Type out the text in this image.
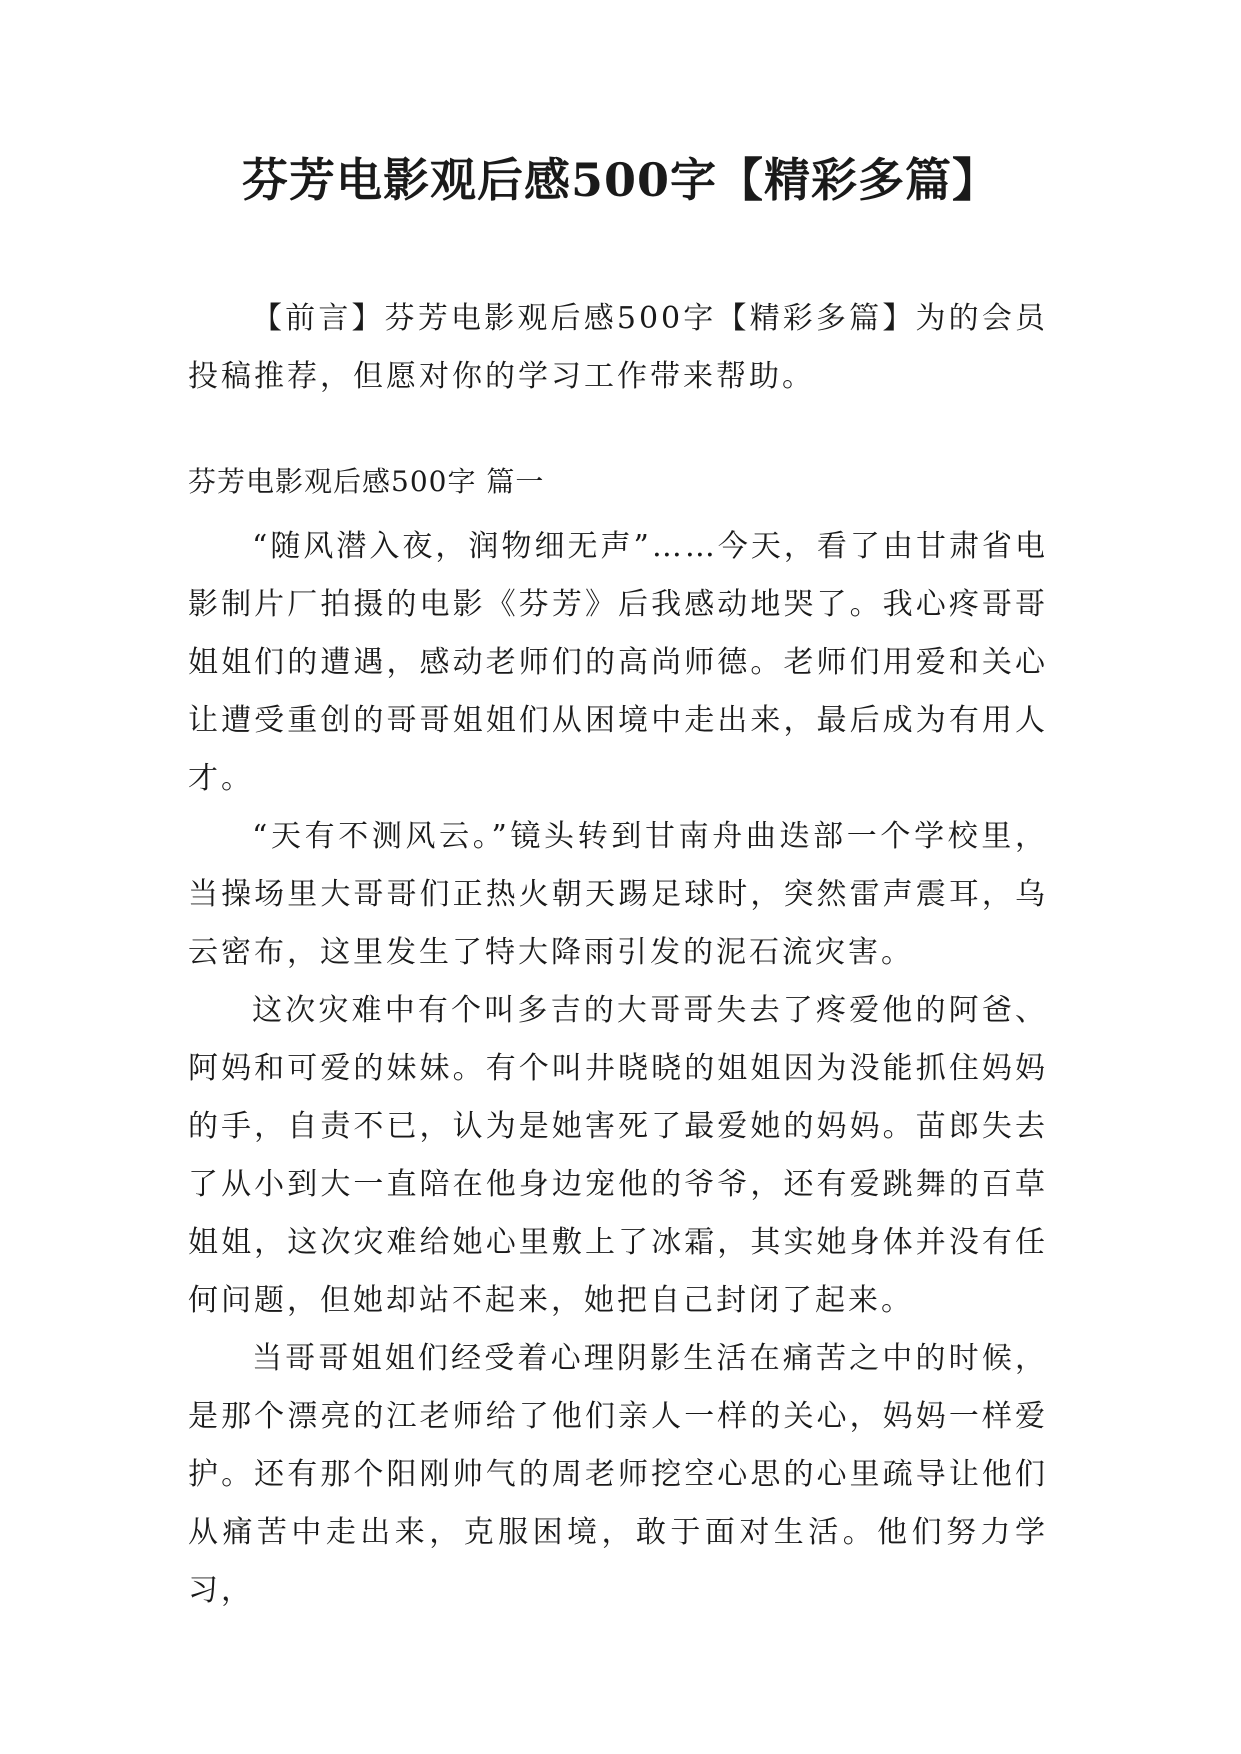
芬芳电影观后感500字【精彩多篇】

【前言】芬芳电影观后感500字【精彩多篇】为的会员投稿推荐，但愿对你的学习工作带来帮助。

芬芳电影观后感500字 篇一

“随风潜入夜，润物细无声”……今天，看了由甘肃省电影制片厂拍摄的电影《芬芳》后我感动地哭了。我心疼哥哥姐姐们的遭遇，感动老师们的高尚师德。老师们用爱和关心让遭受重创的哥哥姐姐们从困境中走出来，最后成为有用人才。

“天有不测风云。”镜头转到甘南舟曲迭部一个学校里，当操场里大哥哥们正热火朝天踢足球时，突然雷声震耳，乌云密布，这里发生了特大降雨引发的泥石流灾害。

这次灾难中有个叫多吉的大哥哥失去了疼爱他的阿爸、阿妈和可爱的妹妹。有个叫井晓晓的姐姐因为没能抓住妈妈的手，自责不已，认为是她害死了最爱她的妈妈。苗郎失去了从小到大一直陪在他身边宠他的爷爷，还有爱跳舞的百草姐姐，这次灾难给她心里敷上了冰霜，其实她身体并没有任何问题，但她却站不起来，她把自己封闭了起来。

当哥哥姐姐们经受着心理阴影生活在痛苦之中的时候，是那个漂亮的江老师给了他们亲人一样的关心，妈妈一样爱护。还有那个阳刚帅气的周老师挖空心思的心里疏导让他们从痛苦中走出来，克服困境，敢于面对生活。他们努力学习，
